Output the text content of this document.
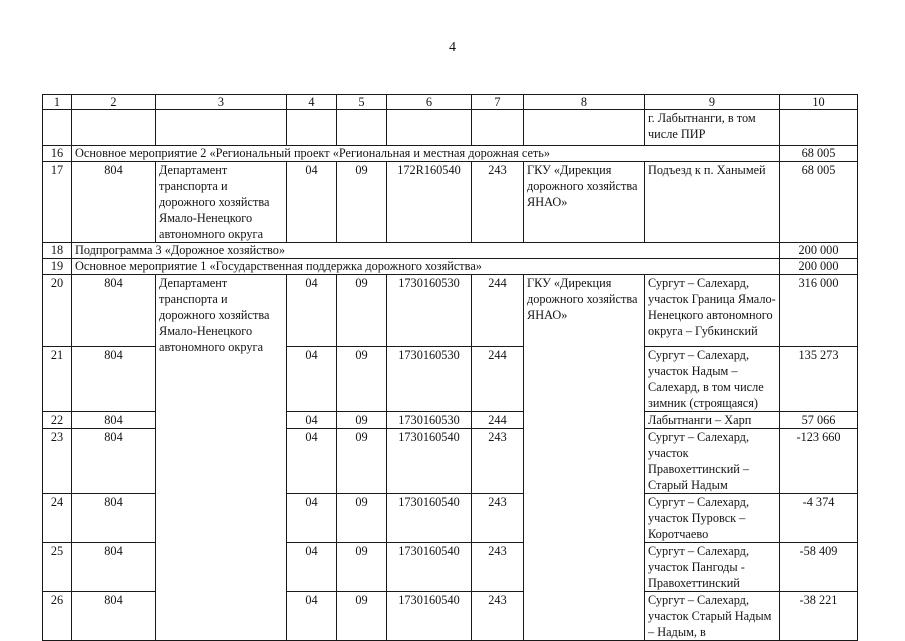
4
1	2	3	4	5	6	7	8	9	10
								г. Лабытнанги, в том числе ПИР	
16	Основное мероприятие 2 «Региональный проект «Региональная и местная дорожная сеть»								68 005
17	804	Департамент транспорта и дорожного хозяйства Ямало-Ненецкого автономного округа	04	09	172R160540	243	ГКУ «Дирекция дорожного хозяйства ЯНАО»	Подъезд к п. Ханымей	68 005
18	Подпрограмма 3 «Дорожное хозяйство»								200 000
19	Основное мероприятие 1 «Государственная поддержка дорожного хозяйства»								200 000
20	804	Департамент транспорта и дорожного хозяйства Ямало-Ненецкого автономного округа	04	09	1730160530	244	ГКУ «Дирекция дорожного хозяйства ЯНАО»	Сургут – Салехард, участок Граница Ямало-Ненецкого автономного округа – Губкинский	316 000
21	804		04	09	1730160530	244		Сургут – Салехард, участок Надым – Салехард, в том числе зимник (строящаяся)	135 273
22	804		04	09	1730160530	244		Лабытнанги – Харп	57 066
23	804		04	09	1730160540	243		Сургут – Салехард, участок Правохеттинский – Старый Надым	-123 660
24	804		04	09	1730160540	243		Сургут – Салехард, участок Пуровск – Коротчаево	-4 374
25	804		04	09	1730160540	243		Сургут – Салехард, участок Пангоды - Правохеттинский	-58 409
26	804		04	09	1730160540	243		Сургут – Салехард, участок Старый Надым – Надым, в	-38 221
